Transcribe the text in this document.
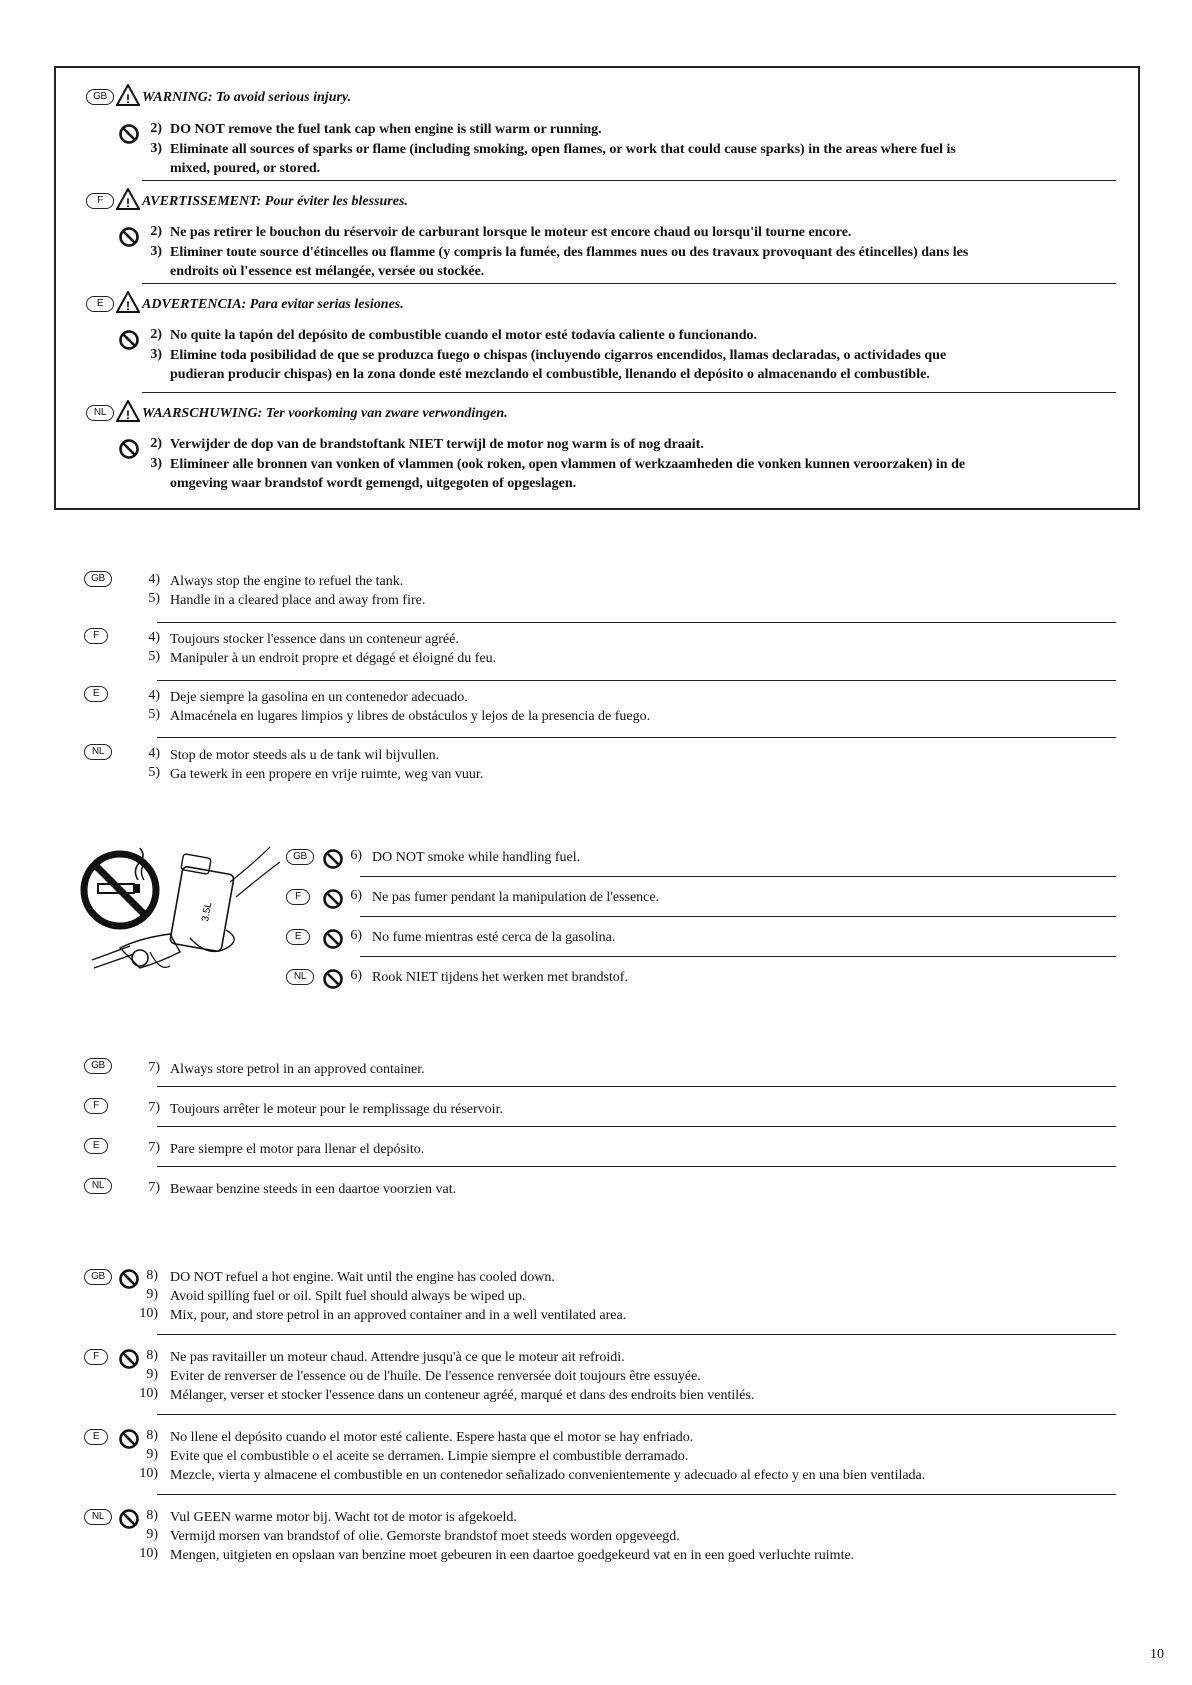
GB	! WARNING: To avoid serious injury.
2) DO NOT remove the fuel tank cap when engine is still warm or running.
3) Eliminate all sources of sparks or flame (including smoking, open flames, or work that could cause sparks) in the areas where fuel is
mixed, poured, or stored.
F	! AVERTISSEMENT: Pour éviter les blessures.
2) Ne pas retirer le bouchon du réservoir de carburant lorsque le moteur est encore chaud ou lorsqu'il tourne encore.
3) Eliminer toute source d'étincelles ou flamme (y compris la fumée, des flammes nues ou des travaux provoquant des étincelles) dans les
endroits où l'essence est mélangée, versée ou stockée.
E	! ADVERTENCIA: Para evitar serias lesiones.
2) No quite la tapón del depósito de combustible cuando el motor esté todavía caliente o funcionando.
3) Elimine toda posibilidad de que se produzca fuego o chispas (incluyendo cigarros encendidos, llamas declaradas, o actividades que
pudieran producir chispas) en la zona donde esté mezclando el combustible, llenando el depósito o almacenando el combustible.
NL	! WAARSCHUWING: Ter voorkoming van zware verwondingen.
2) Verwijder de dop van de brandstoftank NIET terwijl de motor nog warm is of nog draait.
3) Elimineer alle bronnen van vonken of vlammen (ook roken, open vlammen of werkzaamheden die vonken kunnen veroorzaken) in de
omgeving waar brandstof wordt gemengd, uitgegoten of opgeslagen.
GB	4) Always stop the engine to refuel the tank.
5) Handle in a cleared place and away from fire.
F	4) Toujours stocker l'essence dans un conteneur agréé.
5) Manipuler à un endroit propre et dégagé et éloigné du feu.
E	4) Deje siempre la gasolina en un contenedor adecuado.
5) Almacénela en lugares limpios y libres de obstáculos y lejos de la presencia de fuego.
NL	4) Stop de motor steeds als u de tank wil bijvullen.
5) Ga tewerk in een propere en vrije ruimte, weg van vuur.
3.5L
GB	6) DO NOT smoke while handling fuel.
F	6) Ne pas fumer pendant la manipulation de l'essence.
E	6) No fume mientras esté cerca de la gasolina.
NL	6) Rook NIET tijdens het werken met brandstof.
GB	7) Always store petrol in an approved container.
F	7) Toujours arrêter le moteur pour le remplissage du réservoir.
E	7) Pare siempre el motor para llenar el depósito.
NL	7) Bewaar benzine steeds in een daartoe voorzien vat.
GB	8) DO NOT refuel a hot engine. Wait until the engine has cooled down.
9) Avoid spilling fuel or oil. Spilt fuel should always be wiped up.
10) Mix, pour, and store petrol in an approved container and in a well ventilated area.
F	8) Ne pas ravitailler un moteur chaud. Attendre jusqu'à ce que le moteur ait refroidi.
9) Eviter de renverser de l'essence ou de l'huile. De l'essence renversée doit toujours être essuyée.
10) Mélanger, verser et stocker l'essence dans un conteneur agréé, marqué et dans des endroits bien ventilés.
E	8) No llene el depósito cuando el motor esté caliente. Espere hasta que el motor se hay enfriado.
9) Evite que el combustible o el aceite se derramen. Limpie siempre el combustible derramado.
10) Mezcle, vierta y almacene el combustible en un contenedor señalizado convenientemente y adecuado al efecto y en una bien ventilada.
NL	8) Vul GEEN warme motor bij. Wacht tot de motor is afgekoeld.
9) Vermijd morsen van brandstof of olie. Gemorste brandstof moet steeds worden opgeveegd.
10) Mengen, uitgieten en opslaan van benzine moet gebeuren in een daartoe goedgekeurd vat en in een goed verluchte ruimte.
10
